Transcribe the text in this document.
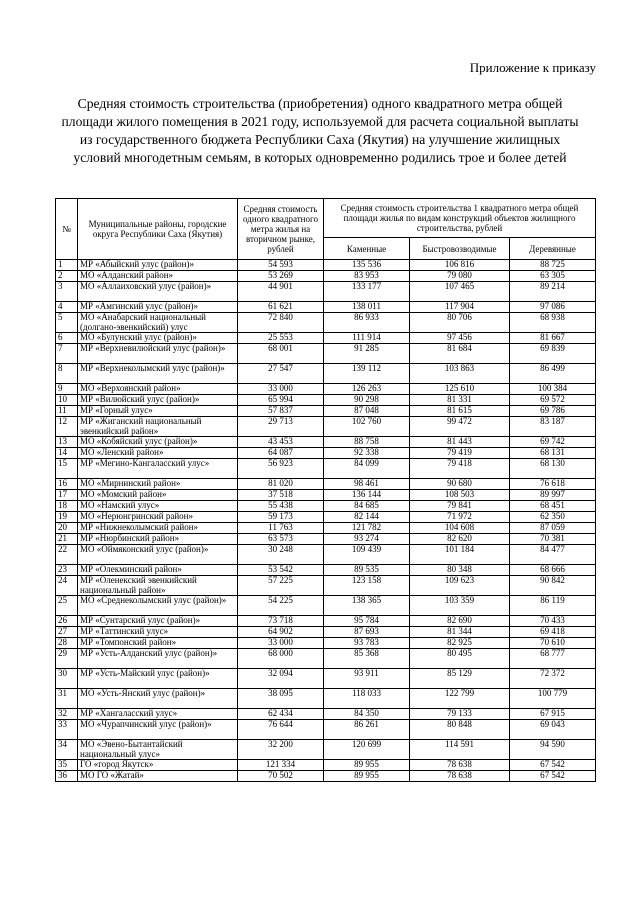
Приложение к приказу
Средняя стоимость строительства (приобретения) одного квадратного метра общей площади жилого помещения в 2021 году, используемой для расчета социальной выплаты из государственного бюджета Республики Саха (Якутия) на улучшение жилищных условий многодетным семьям, в которых одновременно родились трое и более детей
№	Муниципальные районы, городские округа Республики Саха (Якутия)	Средняя стоимость одного квадратного метра жилья на вторичном рынке, рублей	Средняя стоимость строительства 1 квадратного метра общей площади жилья по видам конструкций объектов жилищного строительства, рублей		
			Каменные	Быстровозводимые	Деревянные
1	МР «Абыйский улус (район)»	54 593	135 536	106 816	88 725
2	МО «Алданский район»	53 269	83 953	79 080	63 305
3	МО «Аллаиховский улус (район)»	44 901	133 177	107 465	89 214
4	МР «Амгинский улус (район)»	61 621	138 011	117 904	97 086
5	МО «Анабарский национальный (долгано-эвенкийский) улус	72 840	86 933	80 706	68 938
6	МО «Булунский улус (район)»	25 553	111 914	97 456	81 667
7	МР «Верхневилюйский улус (район)»	68 001	91 285	81 684	69 839
8	МР «Верхнеколымский улус (район)»	27 547	139 112	103 863	86 499
9	МО «Верхоянский район»	33 000	126 263	125 610	100 384
10	МР «Вилюйский улус (район)»	65 994	90 298	81 331	69 572
11	МР «Горный улус»	57 837	87 048	81 615	69 786
12	МР «Жиганский национальный эвенкийский район»	29 713	102 760	99 472	83 187
13	МО «Кобяйский улус (район)»	43 453	88 758	81 443	69 742
14	МО «Ленский район»	64 087	92 338	79 419	68 131
15	МР «Мегино-Кангаласский улус»	56 923	84 099	79 418	68 130
16	МО «Мирнинский район»	81 020	98 461	90 680	76 618
17	МО «Момский район»	37 518	136 144	108 503	89 997
18	МО «Намский улус»	55 438	84 685	79 841	68 451
19	МО «Нерюнгринский район»	59 173	82 144	71 972	62 350
20	МР «Нижнеколымский район»	11 763	121 782	104 608	87 059
21	МР «Нюрбинский район»	63 573	93 274	82 620	70 381
22	МО «Оймяконский улус (район)»	30 248	109 439	101 184	84 477
23	МР «Олекминский район»	53 542	89 535	80 348	68 666
24	МР «Оленекский эвенкийский национальный район»	57 225	123 158	109 623	90 842
25	МО «Среднеколымский улус (район)»	54 225	138 365	103 359	86 119
26	МР «Сунтарский улус (район)»	73 718	95 784	82 690	70 433
27	МР «Таттинский улус»	64 902	87 693	81 344	69 418
28	МР «Томпонский район»	33 000	93 783	82 925	70 610
29	МР «Усть-Алданский улус (район)»	68 000	85 368	80 495	68 777
30	МР «Усть-Майский улус (район)»	32 094	93 911	85 129	72 372
31	МО «Усть-Янский улус (район)»	38 095	118 033	122 799	100 779
32	МР «Хангаласский улус»	62 434	84 350	79 133	67 915
33	МО «Чурапчинский улус (район)»	76 644	86 261	80 848	69 043
34	МО «Эвено-Бытантайский национальный улус»	32 200	120 699	114 591	94 590
35	ГО «город Якутск»	121 334	89 955	78 638	67 542
36	МО ГО «Жатай»	70 502	89 955	78 638	67 542
